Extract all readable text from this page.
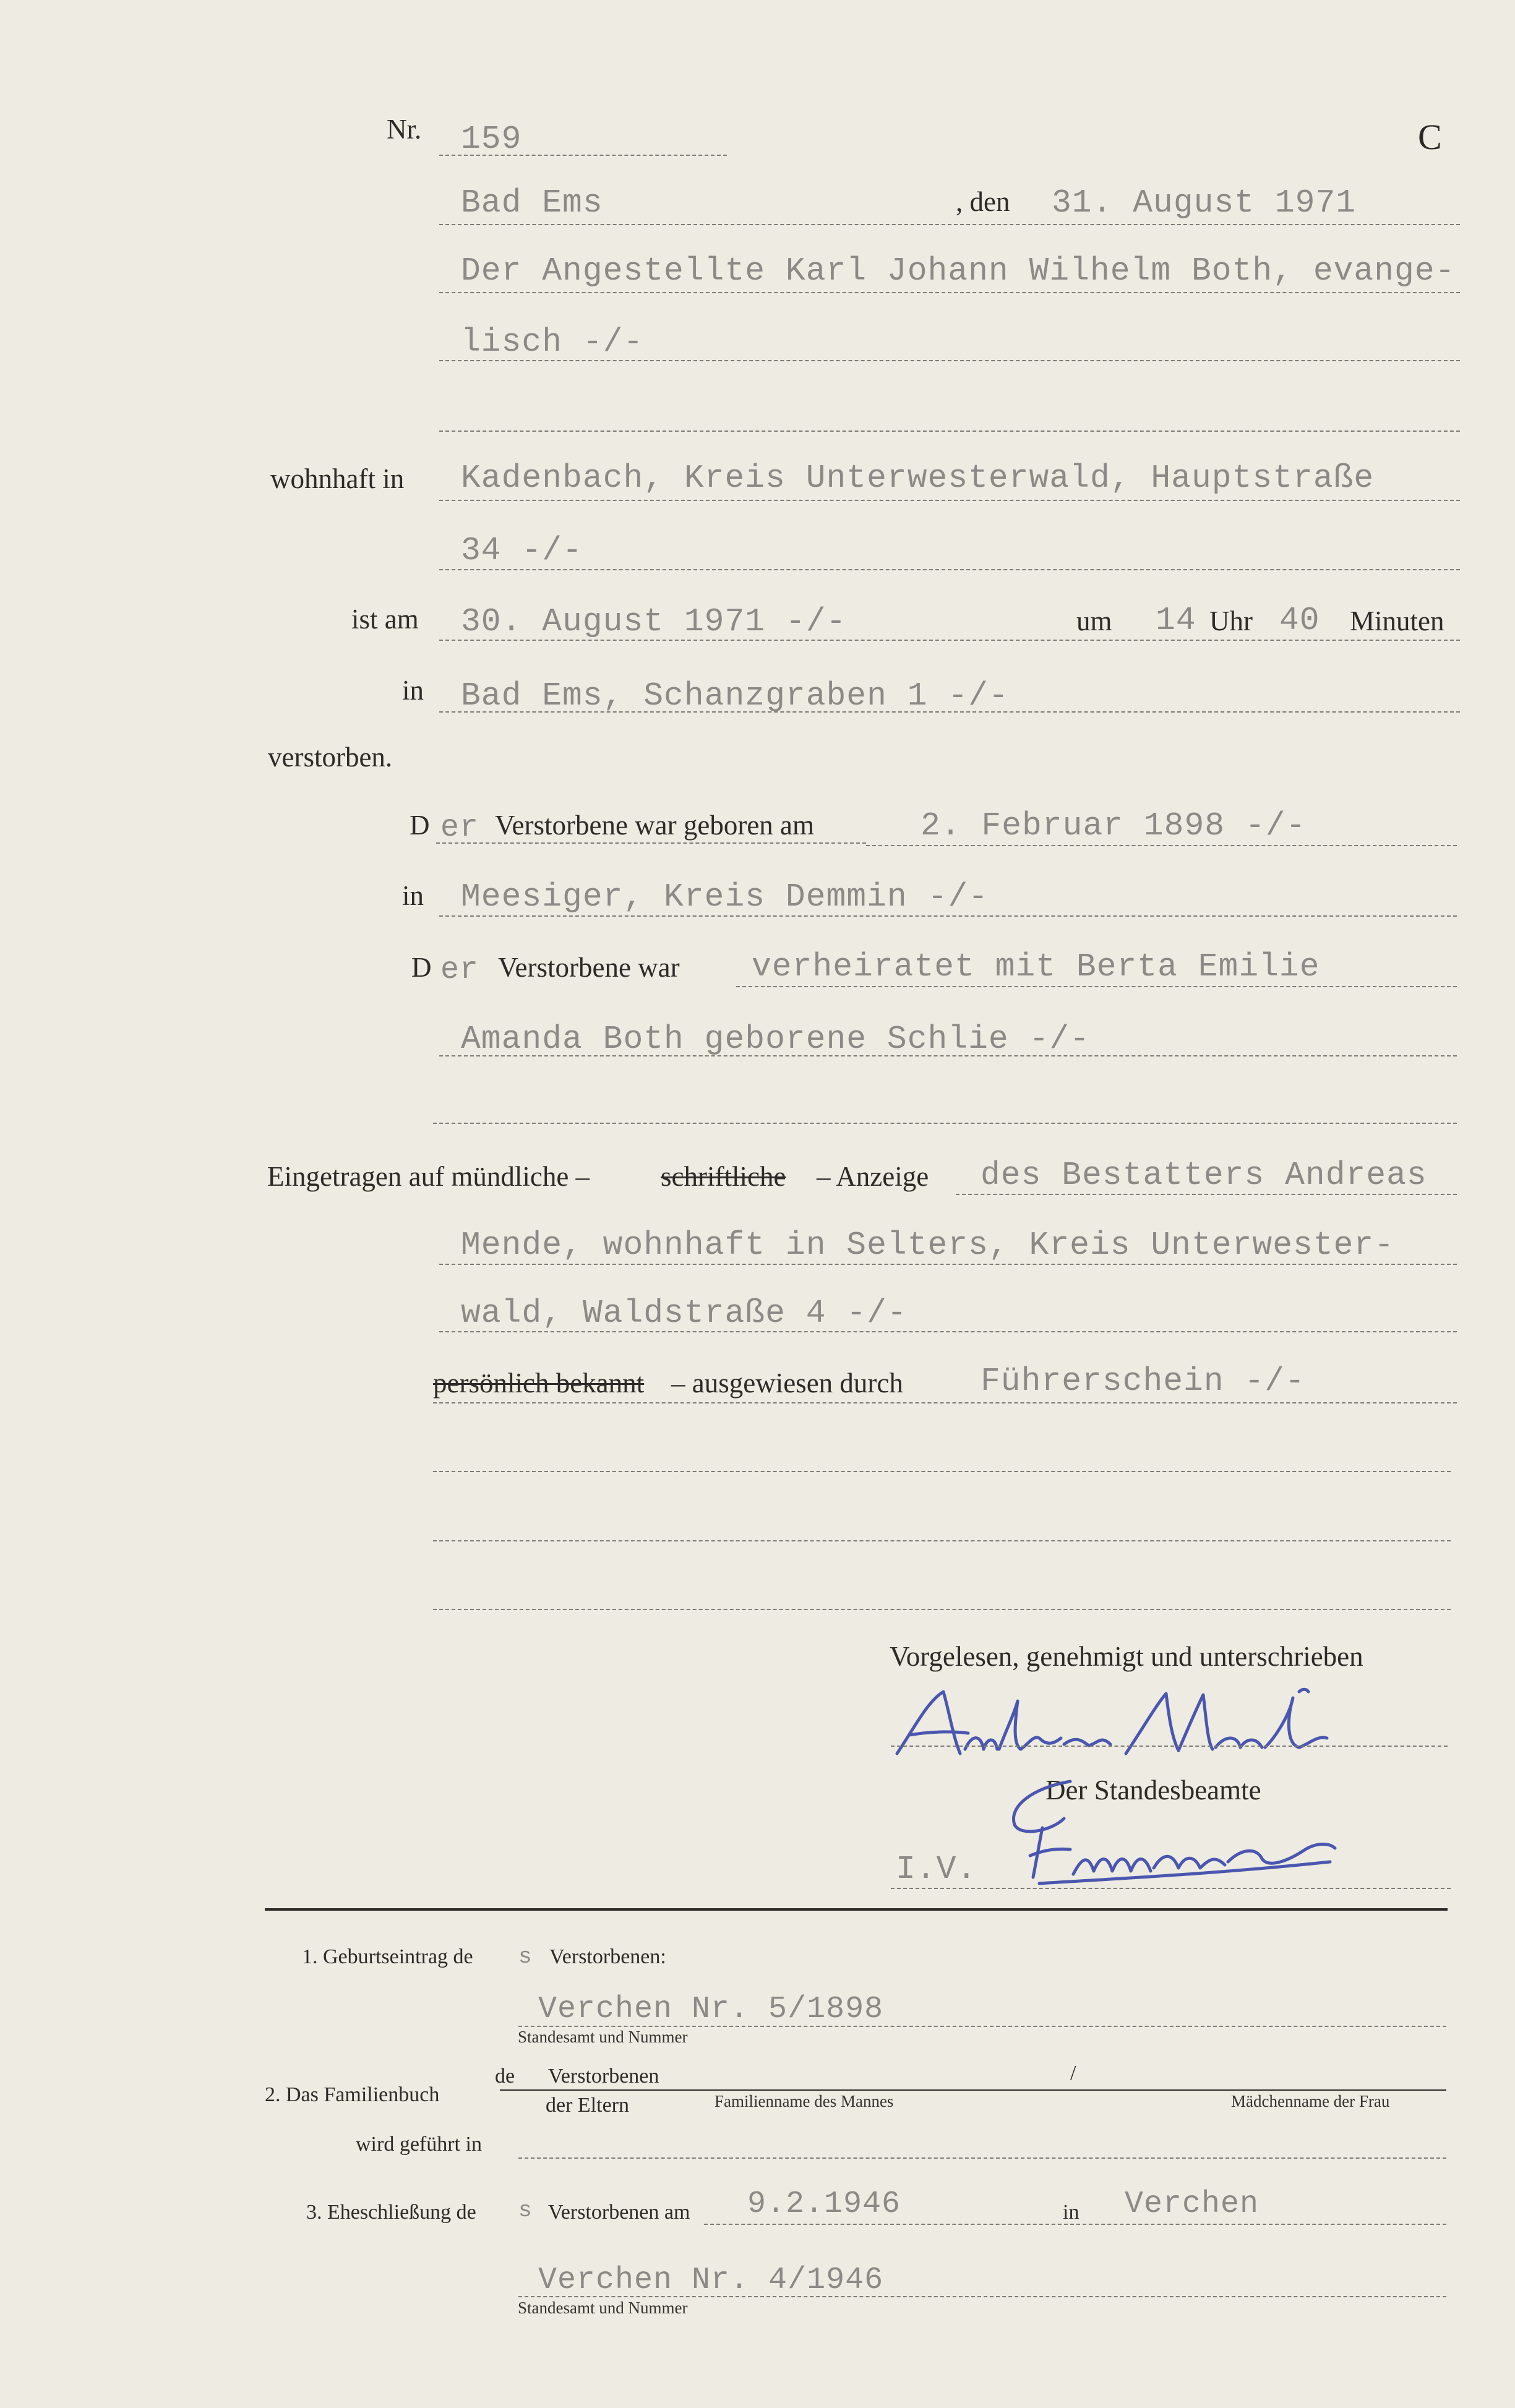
Nr. 159	C
Bad Ems	, den 31. August 1971
Der Angestellte Karl Johann Wilhelm Both, evange-
lisch -/-
wohnhaft in Kadenbach, Kreis Unterwesterwald, Hauptstraße
34 -/-
ist am 30. August 1971 -/-	um 14 Uhr 40 Minuten
in Bad Ems, Schanzgraben 1 -/-
verstorben.
D er Verstorbene war geboren am	2. Februar 1898 -/-
in Meesiger, Kreis Demmin -/-
D er Verstorbene war verheiratet mit Berta Emilie
Amanda Both geborene Schlie -/-
Eingetragen auf mündliche –	schriftliche – Anzeige des Bestatters Andreas
Mende, wohnhaft in Selters, Kreis Unterwester-
wald, Waldstraße 4 -/-
persönlich bekannt – ausgewiesen durch Führerschein -/-
Vorgelesen, genehmigt und unterschrieben
Der Standesbeamte
I.V.
1. Geburtseintrag de s Verstorbenen:
Verchen Nr. 5/1898
Standesamt und Nummer
de Verstorbenen	/
2. Das Familienbuch	der Eltern	Familienname des Mannes	Mädchenname der Frau
wird geführt in
3. Eheschließung de s Verstorbenen am 9.2.1946	in Verchen
Verchen Nr. 4/1946
Standesamt und Nummer
